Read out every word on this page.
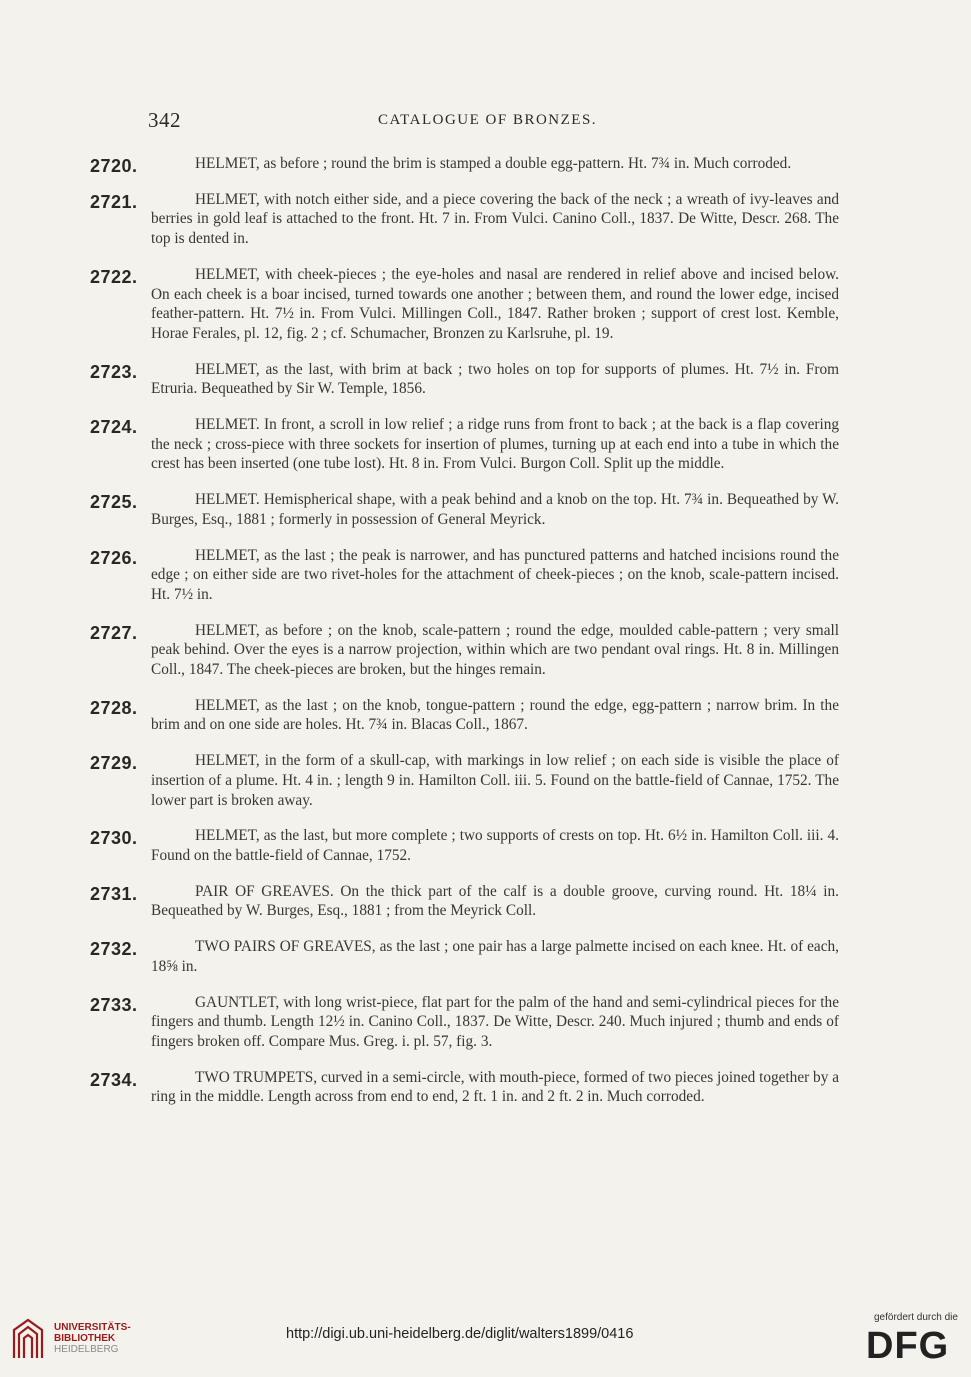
342	CATALOGUE OF BRONZES.
2720.	HELMET, as before ; round the brim is stamped a double egg-pattern. Ht. 7¾ in. Much corroded.
2721.	HELMET, with notch either side, and a piece covering the back of the neck ; a wreath of ivy-leaves and berries in gold leaf is attached to the front. Ht. 7 in. From Vulci. Canino Coll., 1837. De Witte, Descr. 268. The top is dented in.
2722.	HELMET, with cheek-pieces ; the eye-holes and nasal are rendered in relief above and incised below. On each cheek is a boar incised, turned towards one another ; between them, and round the lower edge, incised feather-pattern. Ht. 7½ in. From Vulci. Millingen Coll., 1847. Rather broken ; support of crest lost. Kemble, Horae Ferales, pl. 12, fig. 2 ; cf. Schumacher, Bronzen zu Karlsruhe, pl. 19.
2723.	HELMET, as the last, with brim at back ; two holes on top for supports of plumes. Ht. 7½ in. From Etruria. Bequeathed by Sir W. Temple, 1856.
2724.	HELMET. In front, a scroll in low relief ; a ridge runs from front to back ; at the back is a flap covering the neck ; cross-piece with three sockets for insertion of plumes, turning up at each end into a tube in which the crest has been inserted (one tube lost). Ht. 8 in. From Vulci. Burgon Coll. Split up the middle.
2725.	HELMET. Hemispherical shape, with a peak behind and a knob on the top. Ht. 7¾ in. Bequeathed by W. Burges, Esq., 1881 ; formerly in possession of General Meyrick.
2726.	HELMET, as the last ; the peak is narrower, and has punctured patterns and hatched incisions round the edge ; on either side are two rivet-holes for the attachment of cheek-pieces ; on the knob, scale-pattern incised. Ht. 7½ in.
2727.	HELMET, as before ; on the knob, scale-pattern ; round the edge, moulded cable-pattern ; very small peak behind. Over the eyes is a narrow projection, within which are two pendant oval rings. Ht. 8 in. Millingen Coll., 1847. The cheek-pieces are broken, but the hinges remain.
2728.	HELMET, as the last ; on the knob, tongue-pattern ; round the edge, egg-pattern ; narrow brim. In the brim and on one side are holes. Ht. 7¾ in. Blacas Coll., 1867.
2729.	HELMET, in the form of a skull-cap, with markings in low relief ; on each side is visible the place of insertion of a plume. Ht. 4 in. ; length 9 in. Hamilton Coll. iii. 5. Found on the battle-field of Cannae, 1752. The lower part is broken away.
2730.	HELMET, as the last, but more complete ; two supports of crests on top. Ht. 6½ in. Hamilton Coll. iii. 4. Found on the battle-field of Cannae, 1752.
2731.	PAIR OF GREAVES. On the thick part of the calf is a double groove, curving round. Ht. 18¼ in. Bequeathed by W. Burges, Esq., 1881 ; from the Meyrick Coll.
2732.	TWO PAIRS OF GREAVES, as the last ; one pair has a large palmette incised on each knee. Ht. of each, 18⅝ in.
2733.	GAUNTLET, with long wrist-piece, flat part for the palm of the hand and semi-cylindrical pieces for the fingers and thumb. Length 12½ in. Canino Coll., 1837. De Witte, Descr. 240. Much injured ; thumb and ends of fingers broken off. Compare Mus. Greg. i. pl. 57, fig. 3.
2734.	TWO TRUMPETS, curved in a semi-circle, with mouth-piece, formed of two pieces joined together by a ring in the middle. Length across from end to end, 2 ft. 1 in. and 2 ft. 2 in. Much corroded.
UNIVERSITÄTS-
BIBLIOTHEK
HEIDELBERG
http://digi.ub.uni-heidelberg.de/diglit/walters1899/0416
gefördert durch die
DFG
